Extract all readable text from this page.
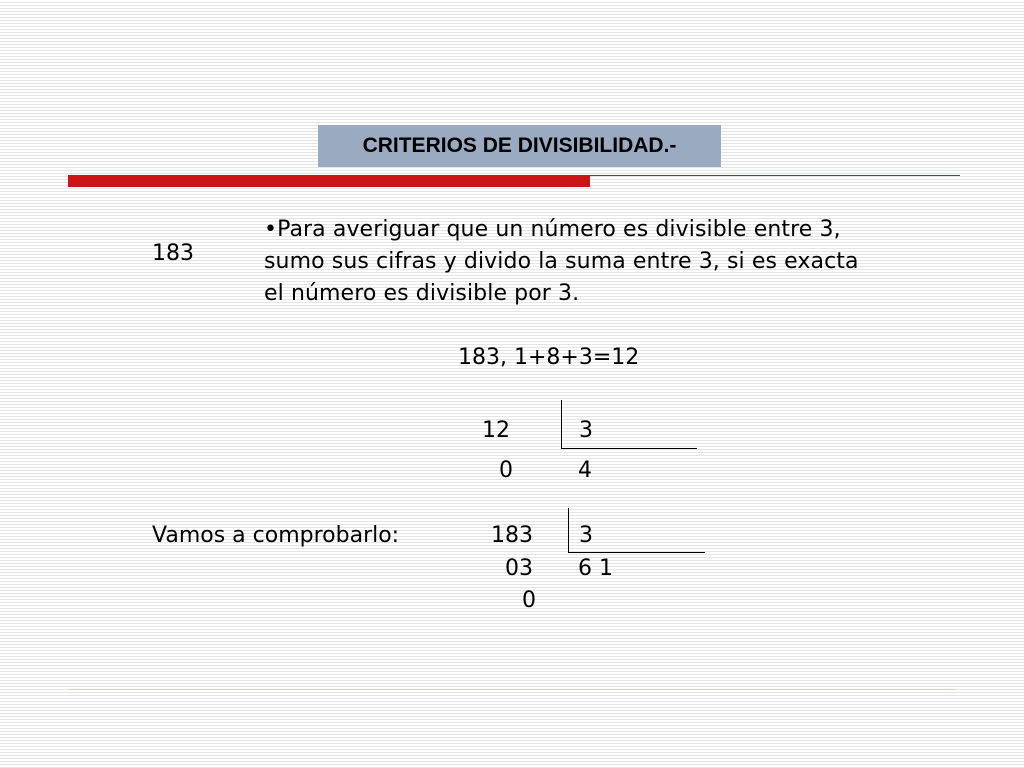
CRITERIOS DE DIVISIBILIDAD.-
183

•Para averiguar que un número es divisible entre 3,

sumo sus cifras y divido la suma entre 3, si es exacta

el número es divisible por 3.

183, 1+8+3=12
12	3
0	4
Vamos a comprobarlo:	183 3
03 6 1
0
